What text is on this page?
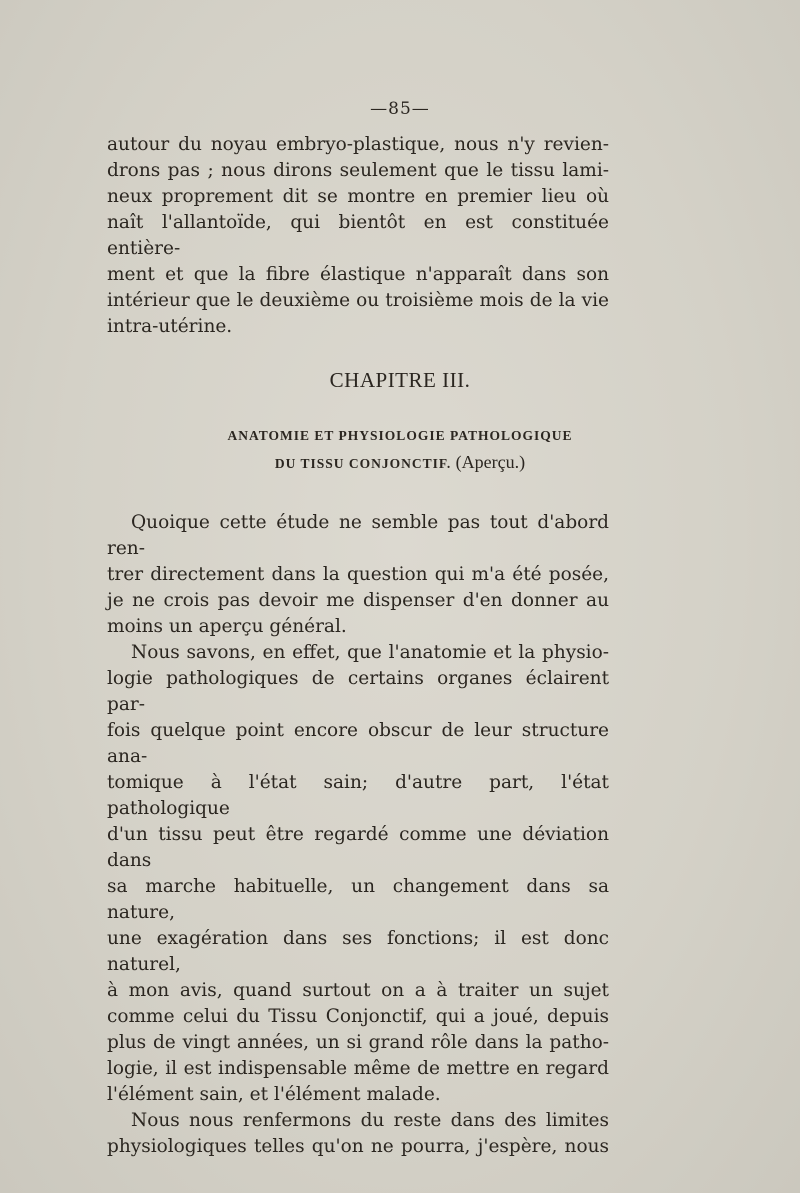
—85—
autour du noyau embryo-plastique, nous n'y revien-
drons pas ; nous dirons seulement que le tissu lami-
neux proprement dit se montre en premier lieu où
naît l'allantoïde, qui bientôt en est constituée entière-
ment et que la fibre élastique n'apparaît dans son
intérieur que le deuxième ou troisième mois de la vie
intra-utérine.
CHAPITRE III.
ANATOMIE ET PHYSIOLOGIE PATHOLOGIQUE
DU TISSU CONJONCTIF. (Aperçu.)
Quoique cette étude ne semble pas tout d'abord ren-
trer directement dans la question qui m'a été posée,
je ne crois pas devoir me dispenser d'en donner au
moins un aperçu général.
Nous savons, en effet, que l'anatomie et la physio-
logie pathologiques de certains organes éclairent par-
fois quelque point encore obscur de leur structure ana-
tomique à l'état sain; d'autre part, l'état pathologique
d'un tissu peut être regardé comme une déviation dans
sa marche habituelle, un changement dans sa nature,
une exagération dans ses fonctions; il est donc naturel,
à mon avis, quand surtout on a à traiter un sujet
comme celui du Tissu Conjonctif, qui a joué, depuis
plus de vingt années, un si grand rôle dans la patho-
logie, il est indispensable même de mettre en regard
l'élément sain, et l'élément malade.
Nous nous renfermons du reste dans des limites
physiologiques telles qu'on ne pourra, j'espère, nous
